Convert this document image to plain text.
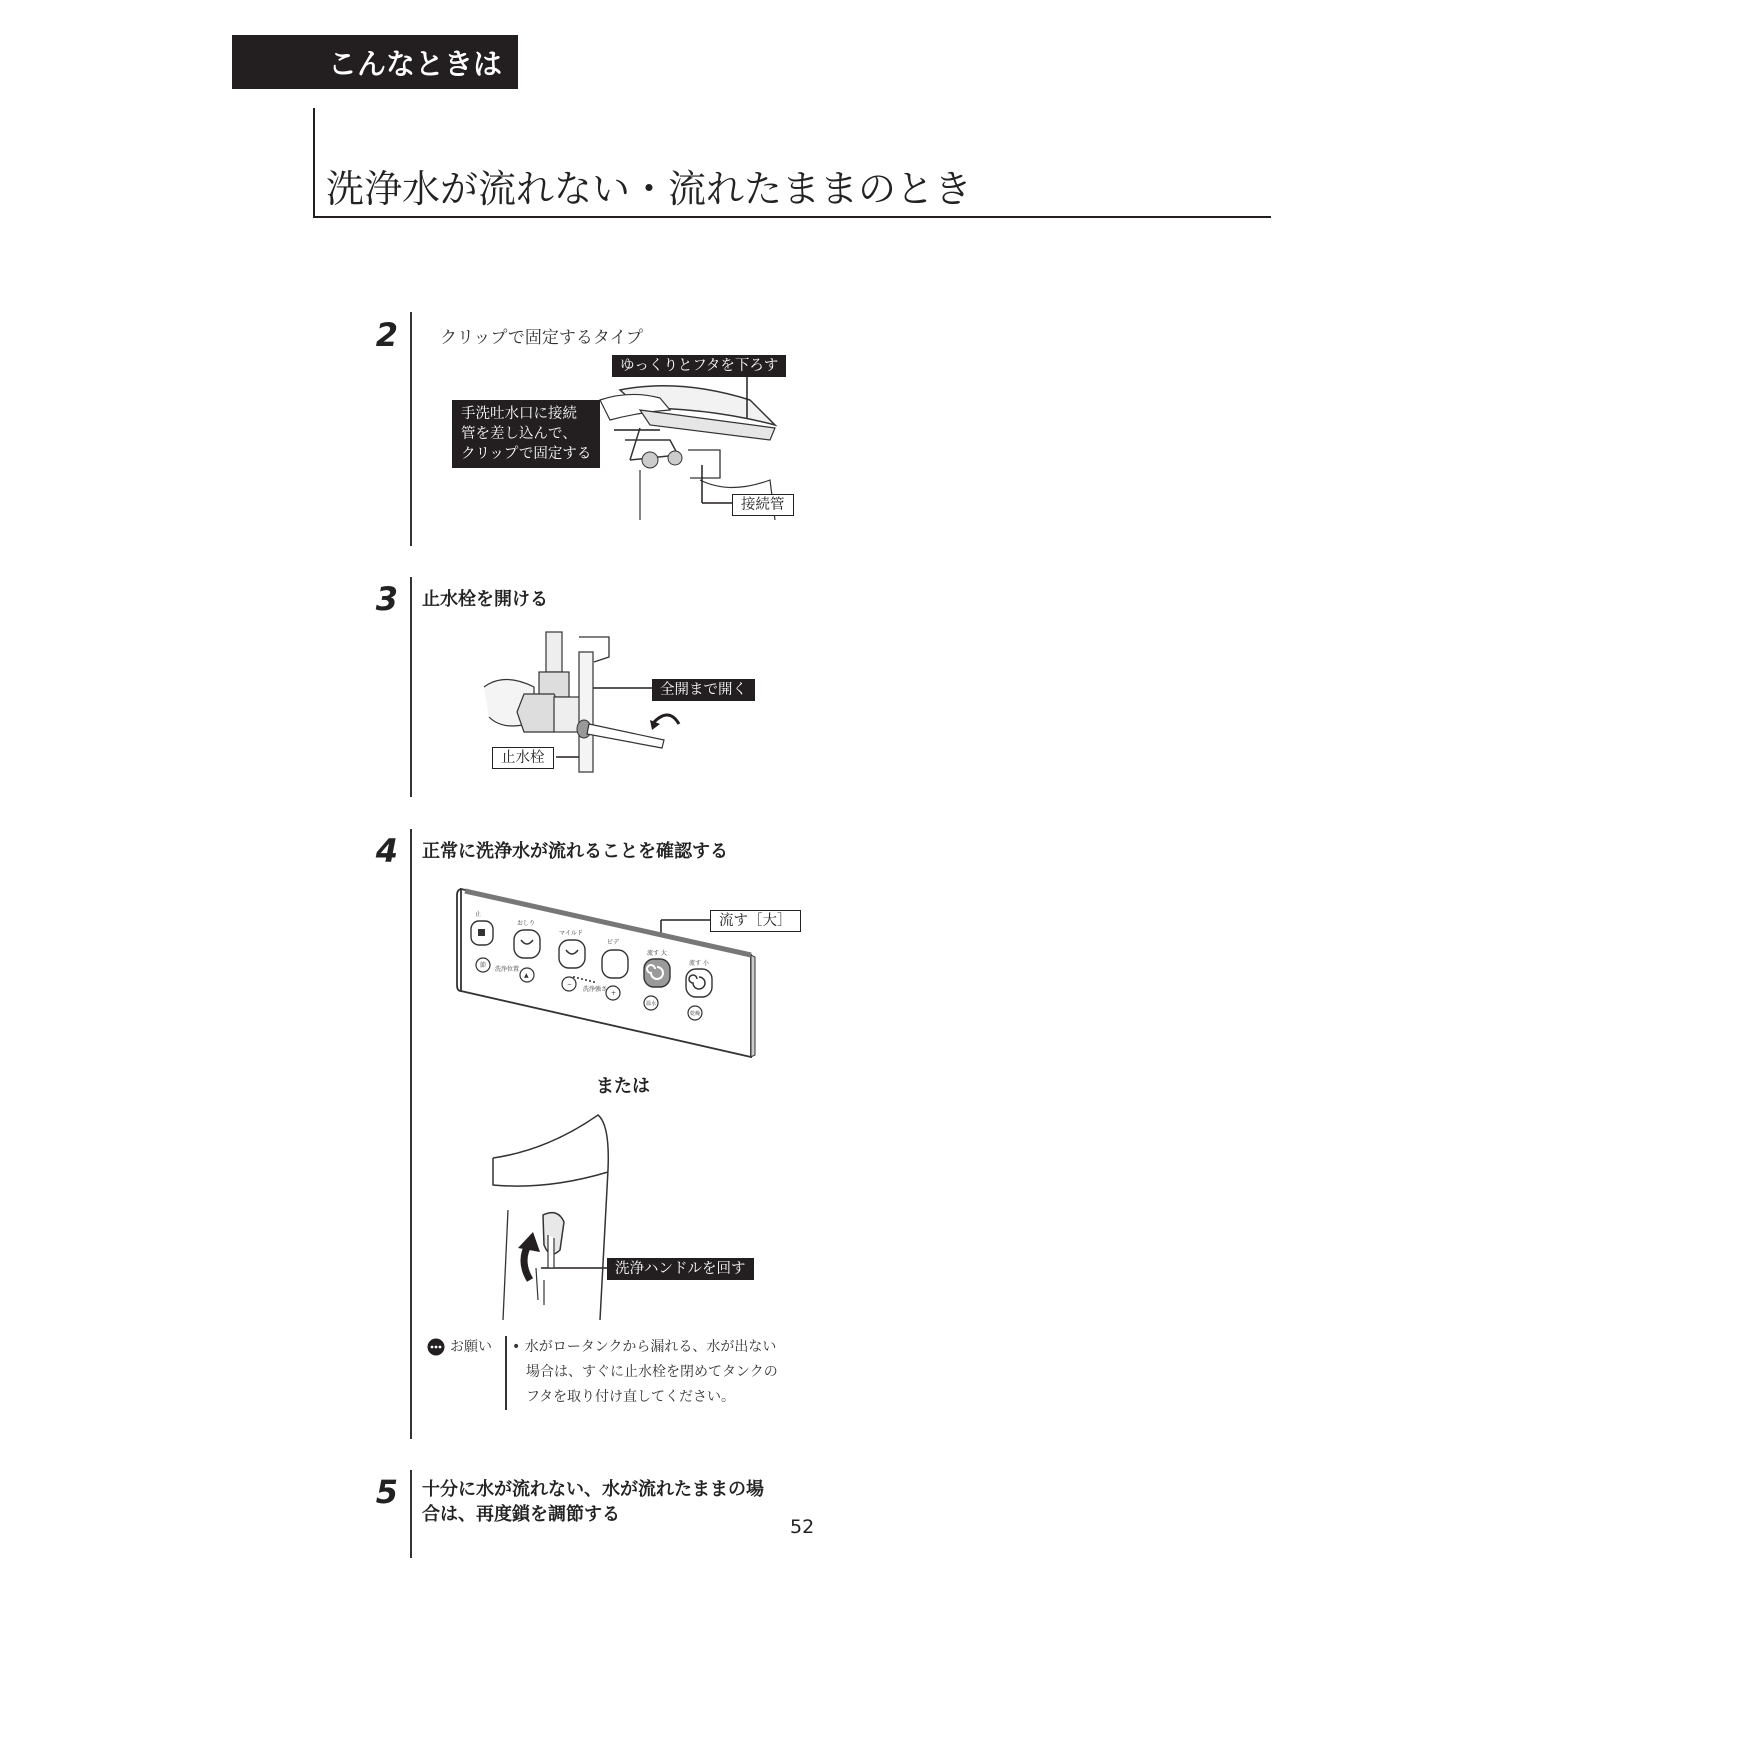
こんなときは
洗浄水が流れない・流れたままのとき
2 クリップで固定するタイプ
ゆっくりとフタを下ろす
手洗吐水口に接続
管を差し込んで、
クリップで固定する
接続管
3 止水栓を開ける
全開まで開く
止水栓
4 正常に洗浄水が流れることを確認する
止
おしり
マイルド
ビデ
流す 大
流す 小
洗浄位置
洗浄強さ
節
▲
−
+
温水
乾燥
流す［大］
または
洗浄ハンドルを回す
お願い • 水がロータンクから漏れる、水が出ない
場合は、すぐに止水栓を閉めてタンクの
フタを取り付け直してください。
5 十分に水が流れない、水が流れたままの場
合は、再度鎖を調節する
52
